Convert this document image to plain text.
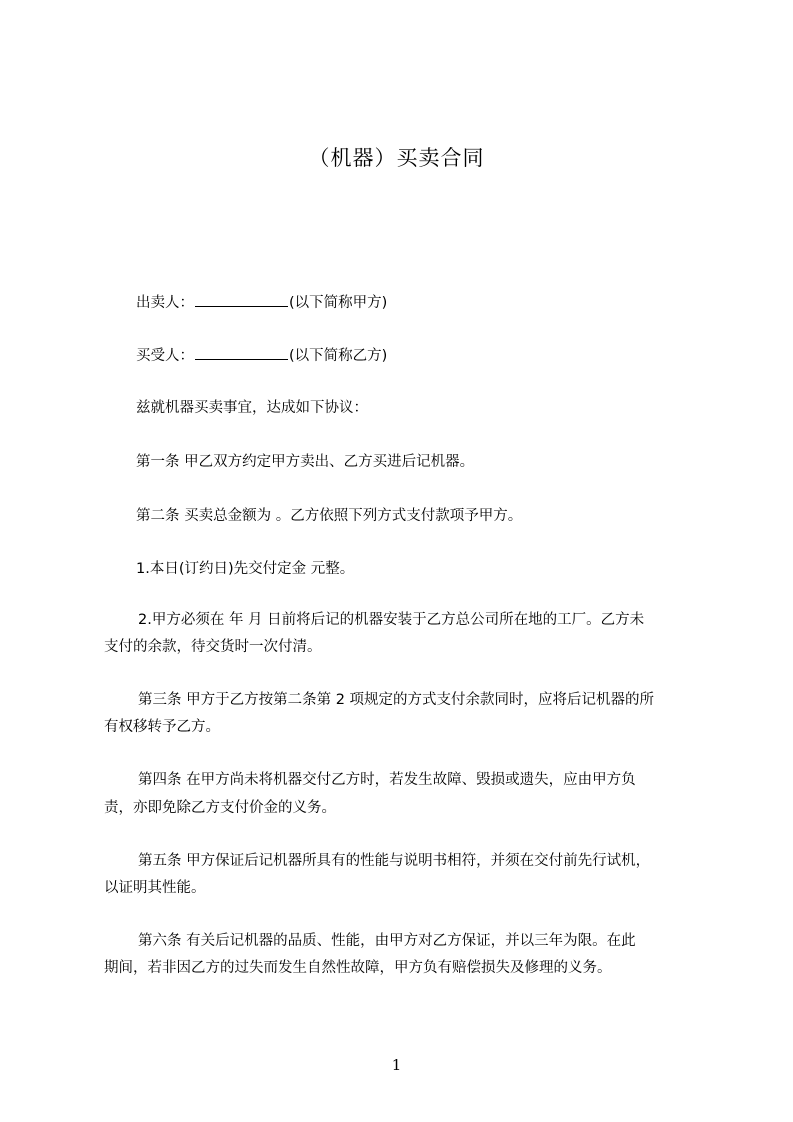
（机器）买卖合同
出卖人：	(以下简称甲方)
买受人：	(以下简称乙方)
兹就机器买卖事宜，达成如下协议：
第一条 甲乙双方约定甲方卖出、乙方买进后记机器。
第二条 买卖总金额为 。乙方依照下列方式支付款项予甲方。
1.本日(订约日)先交付定金 元整。
2.甲方必须在 年 月 日前将后记的机器安装于乙方总公司所在地的工厂。乙方未
支付的余款，待交货时一次付清。
第三条 甲方于乙方按第二条第 2 项规定的方式支付余款同时，应将后记机器的所
有权移转予乙方。
第四条 在甲方尚未将机器交付乙方时，若发生故障、毁损或遗失，应由甲方负
责，亦即免除乙方支付价金的义务。
第五条 甲方保证后记机器所具有的性能与说明书相符，并须在交付前先行试机，
以证明其性能。
第六条 有关后记机器的品质、性能，由甲方对乙方保证，并以三年为限。在此
期间，若非因乙方的过失而发生自然性故障，甲方负有赔偿损失及修理的义务。
1
